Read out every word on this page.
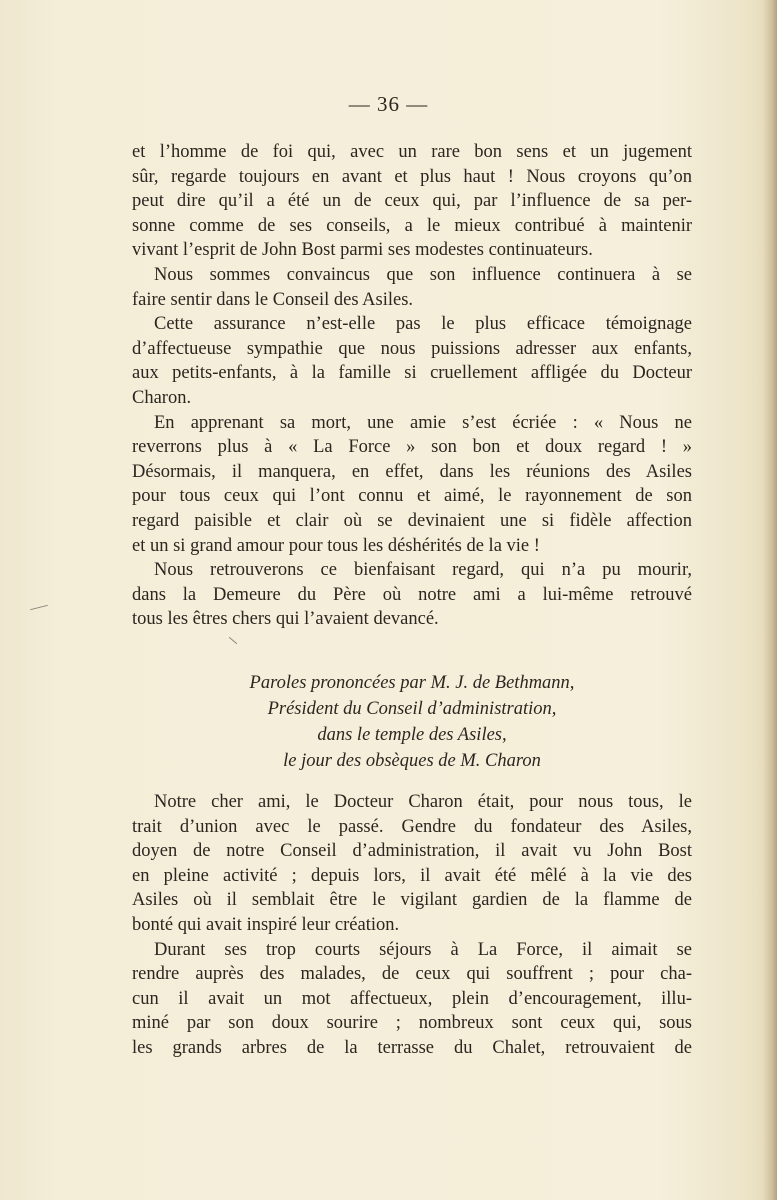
— 36 —
et l’homme de foi qui, avec un rare bon sens et un jugement
sûr, regarde toujours en avant et plus haut ! Nous croyons qu’on
peut dire qu’il a été un de ceux qui, par l’influence de sa per-
sonne comme de ses conseils, a le mieux contribué à maintenir
vivant l’esprit de John Bost parmi ses modestes continuateurs.
Nous sommes convaincus que son influence continuera à se
faire sentir dans le Conseil des Asiles.
Cette assurance n’est-elle pas le plus efficace témoignage
d’affectueuse sympathie que nous puissions adresser aux enfants,
aux petits-enfants, à la famille si cruellement affligée du Docteur
Charon.
En apprenant sa mort, une amie s’est écriée : « Nous ne
reverrons plus à « La Force » son bon et doux regard ! »
Désormais, il manquera, en effet, dans les réunions des Asiles
pour tous ceux qui l’ont connu et aimé, le rayonnement de son
regard paisible et clair où se devinaient une si fidèle affection
et un si grand amour pour tous les déshérités de la vie !
Nous retrouverons ce bienfaisant regard, qui n’a pu mourir,
dans la Demeure du Père où notre ami a lui-même retrouvé
tous les êtres chers qui l’avaient devancé.
Paroles prononcées par M. J. de Bethmann,
Président du Conseil d’administration,
dans le temple des Asiles,
le jour des obsèques de M. Charon
Notre cher ami, le Docteur Charon était, pour nous tous, le
trait d’union avec le passé. Gendre du fondateur des Asiles,
doyen de notre Conseil d’administration, il avait vu John Bost
en pleine activité ; depuis lors, il avait été mêlé à la vie des
Asiles où il semblait être le vigilant gardien de la flamme de
bonté qui avait inspiré leur création.
Durant ses trop courts séjours à La Force, il aimait se
rendre auprès des malades, de ceux qui souffrent ; pour cha-
cun il avait un mot affectueux, plein d’encouragement, illu-
miné par son doux sourire ; nombreux sont ceux qui, sous
les grands arbres de la terrasse du Chalet, retrouvaient de
